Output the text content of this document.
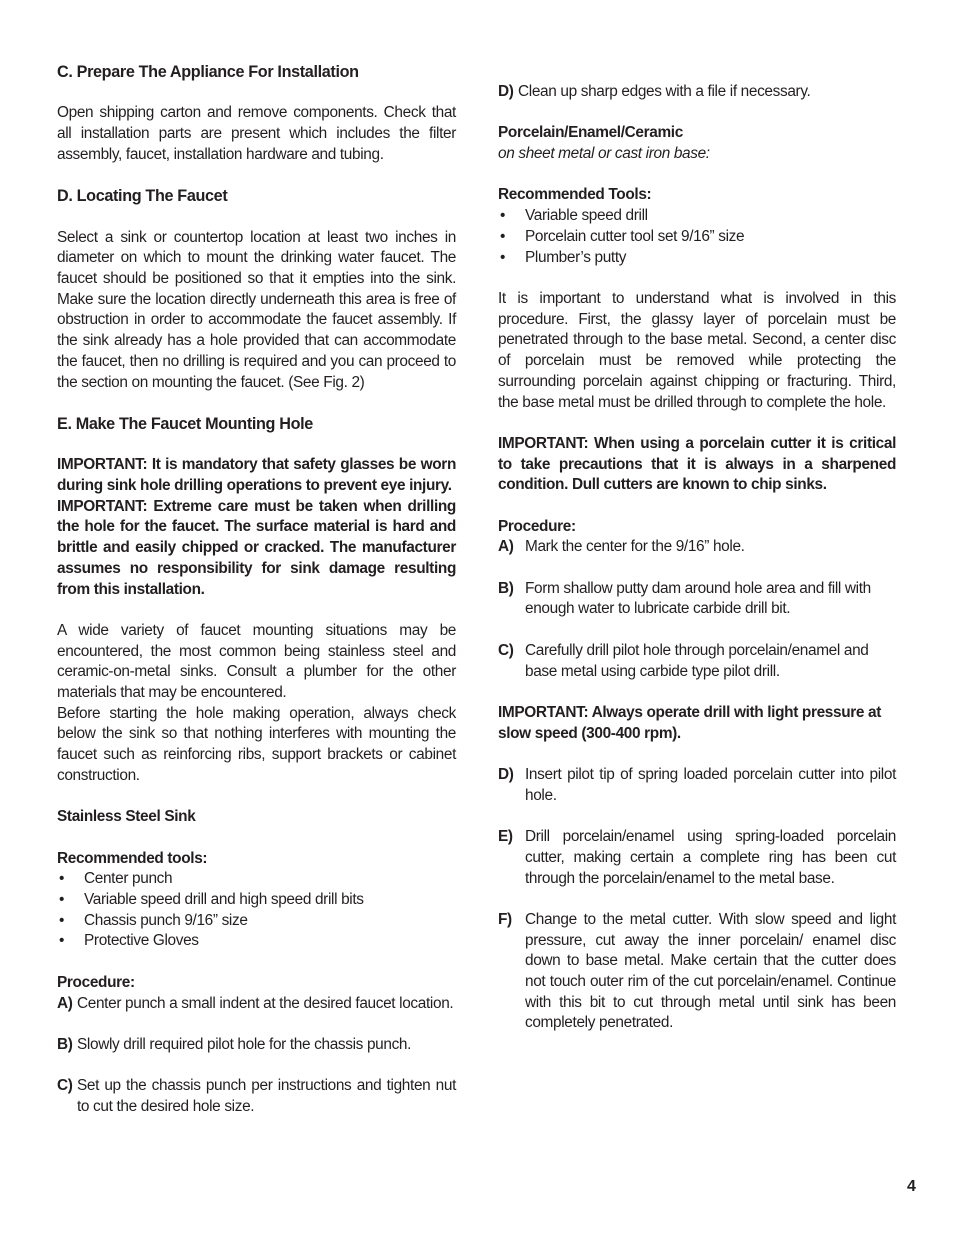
C. Prepare The Appliance For Installation

Open shipping carton and remove components. Check that all installation parts are present which includes the filter assembly, faucet, installation hardware and tubing.

D. Locating The Faucet

Select a sink or countertop location at least two inches in diameter on which to mount the drinking water faucet. The faucet should be positioned so that it empties into the sink. Make sure the location directly underneath this area is free of obstruction in order to accommodate the faucet assembly. If the sink already has a hole provided that can accommodate the faucet, then no drilling is required and you can proceed to the section on mounting the faucet. (See Fig. 2)

E. Make The Faucet Mounting Hole

IMPORTANT: It is mandatory that safety glasses be worn during sink hole drilling operations to prevent eye injury.

IMPORTANT: Extreme care must be taken when drilling the hole for the faucet. The surface material is hard and brittle and easily chipped or cracked. The manufacturer assumes no responsibility for sink damage resulting from this installation.

A wide variety of faucet mounting situations may be encountered, the most common being stainless steel and ceramic-on-metal sinks. Consult a plumber for the other materials that may be encountered.

Before starting the hole making operation, always check below the sink so that nothing interferes with mounting the faucet such as reinforcing ribs, support brackets or cabinet construction.

Stainless Steel Sink

Recommended tools:

• Center punch
• Variable speed drill and high speed drill bits
• Chassis punch 9/16” size
• Protective Gloves

Procedure:

A) Center punch a small indent at the desired faucet location.
B) Slowly drill required pilot hole for the chassis punch.
C) Set up the chassis punch per instructions and tighten nut to cut the desired hole size.
D) Clean up sharp edges with a file if necessary.

Porcelain/Enamel/Ceramic

on sheet metal or cast iron base:

Recommended Tools:

• Variable speed drill
• Porcelain cutter tool set 9/16” size
• Plumber’s putty

It is important to understand what is involved in this procedure. First, the glassy layer of porcelain must be penetrated through to the base metal. Second, a center disc of porcelain must be removed while protecting the surrounding porcelain against chipping or fracturing. Third, the base metal must be drilled through to complete the hole.

IMPORTANT: When using a porcelain cutter it is critical to take precautions that it is always in a sharpened condition. Dull cutters are known to chip sinks.

Procedure:

A) Mark the center for the 9/16” hole.
B) Form shallow putty dam around hole area and fill with enough water to lubricate carbide drill bit.
C) Carefully drill pilot hole through porcelain/enamel and base metal using carbide type pilot drill.

IMPORTANT: Always operate drill with light pressure at slow speed (300-400 rpm).

D) Insert pilot tip of spring loaded porcelain cutter into pilot hole.
E) Drill porcelain/enamel using spring-loaded porcelain cutter, making certain a complete ring has been cut through the porcelain/enamel to the metal base.
F) Change to the metal cutter. With slow speed and light pressure, cut away the inner porcelain/ enamel disc down to base metal. Make certain that the cutter does not touch outer rim of the cut porcelain/enamel. Continue with this bit to cut through metal until sink has been completely penetrated.
4
